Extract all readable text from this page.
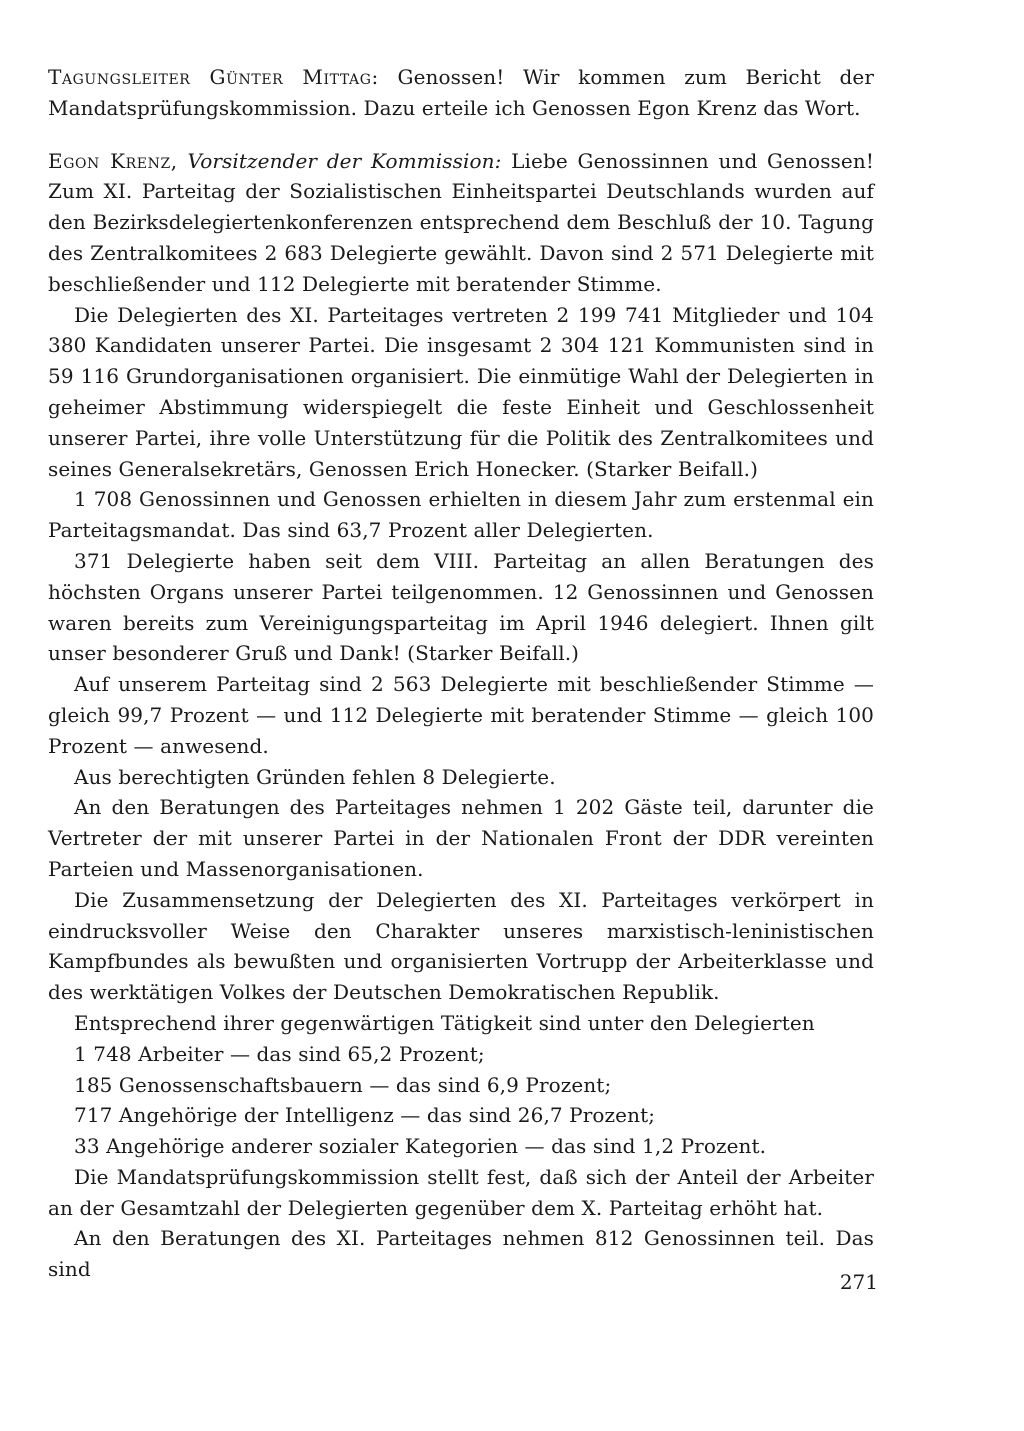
Tagungsleiter Günter Mittag: Genossen! Wir kommen zum Bericht der Mandatsprüfungskommission. Dazu erteile ich Genossen Egon Krenz das Wort.

Egon Krenz, Vorsitzender der Kommission: Liebe Genossinnen und Genossen! Zum XI. Parteitag der Sozialistischen Einheitspartei Deutschlands wurden auf den Bezirksdelegiertenkonferenzen entsprechend dem Beschluß der 10. Tagung des Zentralkomitees 2 683 Delegierte gewählt. Davon sind 2 571 Delegierte mit beschließender und 112 Delegierte mit beratender Stimme.

Die Delegierten des XI. Parteitages vertreten 2 199 741 Mitglieder und 104 380 Kandidaten unserer Partei. Die insgesamt 2 304 121 Kommunisten sind in 59 116 Grundorganisationen organisiert. Die einmütige Wahl der Delegierten in geheimer Abstimmung widerspiegelt die feste Einheit und Geschlossenheit unserer Partei, ihre volle Unterstützung für die Politik des Zentralkomitees und seines Generalsekretärs, Genossen Erich Honecker. (Starker Beifall.)

1 708 Genossinnen und Genossen erhielten in diesem Jahr zum erstenmal ein Parteitagsmandat. Das sind 63,7 Prozent aller Delegierten.

371 Delegierte haben seit dem VIII. Parteitag an allen Beratungen des höchsten Organs unserer Partei teilgenommen. 12 Genossinnen und Genossen waren bereits zum Vereinigungsparteitag im April 1946 delegiert. Ihnen gilt unser besonderer Gruß und Dank! (Starker Beifall.)

Auf unserem Parteitag sind 2 563 Delegierte mit beschließender Stimme — gleich 99,7 Prozent — und 112 Delegierte mit beratender Stimme — gleich 100 Prozent — anwesend.

Aus berechtigten Gründen fehlen 8 Delegierte.

An den Beratungen des Parteitages nehmen 1 202 Gäste teil, darunter die Vertreter der mit unserer Partei in der Nationalen Front der DDR vereinten Parteien und Massenorganisationen.

Die Zusammensetzung der Delegierten des XI. Parteitages verkörpert in eindrucksvoller Weise den Charakter unseres marxistisch-leninistischen Kampfbundes als bewußten und organisierten Vortrupp der Arbeiterklasse und des werktätigen Volkes der Deutschen Demokratischen Republik.

Entsprechend ihrer gegenwärtigen Tätigkeit sind unter den Delegierten

1 748 Arbeiter — das sind 65,2 Prozent;

185 Genossenschaftsbauern — das sind 6,9 Prozent;

717 Angehörige der Intelligenz — das sind 26,7 Prozent;

33 Angehörige anderer sozialer Kategorien — das sind 1,2 Prozent.

Die Mandatsprüfungskommission stellt fest, daß sich der Anteil der Arbeiter an der Gesamtzahl der Delegierten gegenüber dem X. Parteitag erhöht hat.

An den Beratungen des XI. Parteitages nehmen 812 Genossinnen teil. Das sind

271
